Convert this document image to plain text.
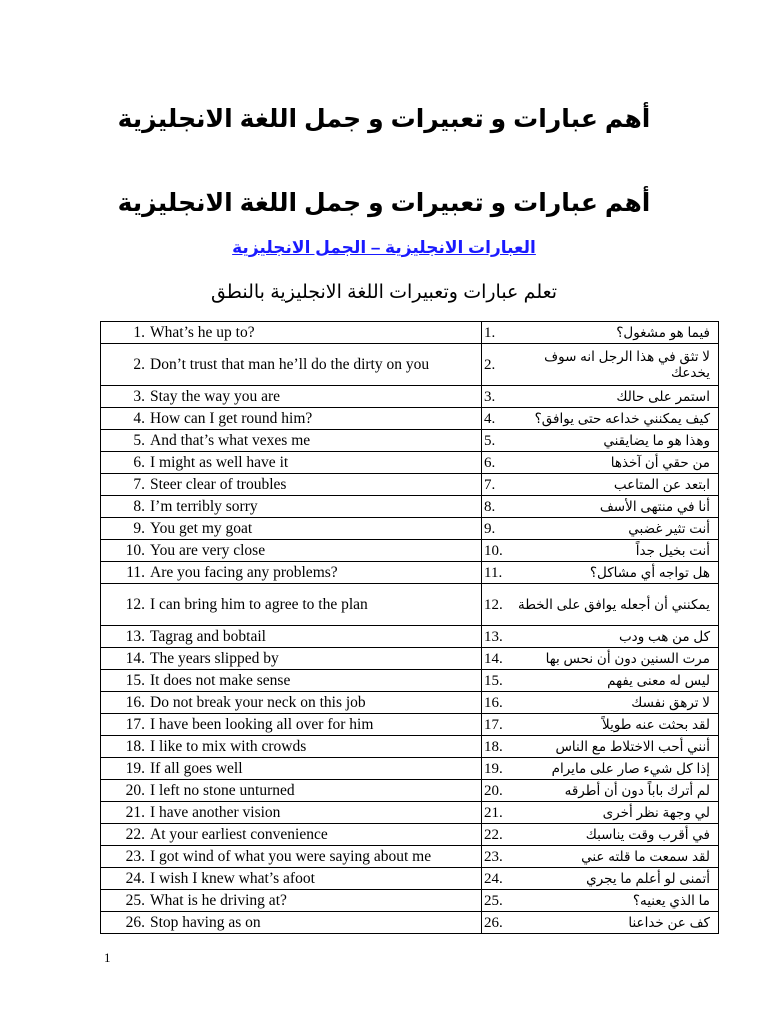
أهم عبارات و تعبيرات و جمل اللغة الانجليزية
أهم عبارات و تعبيرات و جمل اللغة الانجليزية
العبارات الانجليزية – الجمل الانجليزية
تعلم عبارات وتعبيرات اللغة الانجليزية بالنطق
1. What’s he up to?	.1 فيما هو مشغول؟

2. Don’t trust that man he’ll do the dirty on you	.2
لا تثق في هذا الرجل انه سوف يخدعك

3. Stay the way you are	.3 استمر على حالك

4. How can I get round him?	.4 كيف يمكنني خداعه حتى يوافق؟

5. And that’s what vexes me	.5 وهذا هو ما يضايقني

6. I might as well have it	.6 من حقي أن آخذها

7. Steer clear of troubles	.7 ابتعد عن المتاعب

8. I’m terribly sorry	.8 أنا في منتهى الأسف

9. You get my goat	.9 أنت تثير غضبي

10. You are very close	.10 أنت بخيل جداً

11. Are you facing any problems?	.11 هل تواجه أي مشاكل؟

12. I can bring him to agree to the plan	.12 يمكنني أن أجعله يوافق على الخطة

13. Tagrag and bobtail	.13 كل من هب ودب

14. The years slipped by	.14 مرت السنين دون أن نحس بها

15. It does not make sense	.15 ليس له معنى يفهم

16. Do not break your neck on this job	.16 لا ترهق نفسك

17. I have been looking all over for him	.17 لقد بحثت عنه طويلاً

18. I like to mix with crowds	.18 أنني أحب الاختلاط مع الناس

19. If all goes well	.19 إذا كل شيء صار على مايرام

20. I left no stone unturned	.20 لم أترك باباً دون أن أطرقه

21. I have another vision	.21 لي وجهة نظر أخرى

22. At your earliest convenience	.22 في أقرب وقت يناسبك

23. I got wind of what you were saying about me	.23 لقد سمعت ما قلته عني

24. I wish I knew what’s afoot	.24 أتمنى لو أعلم ما يجري

25. What is he driving at?	.25 ما الذي يعنيه؟

26. Stop having as on	.26 كف عن خداعنا
1
